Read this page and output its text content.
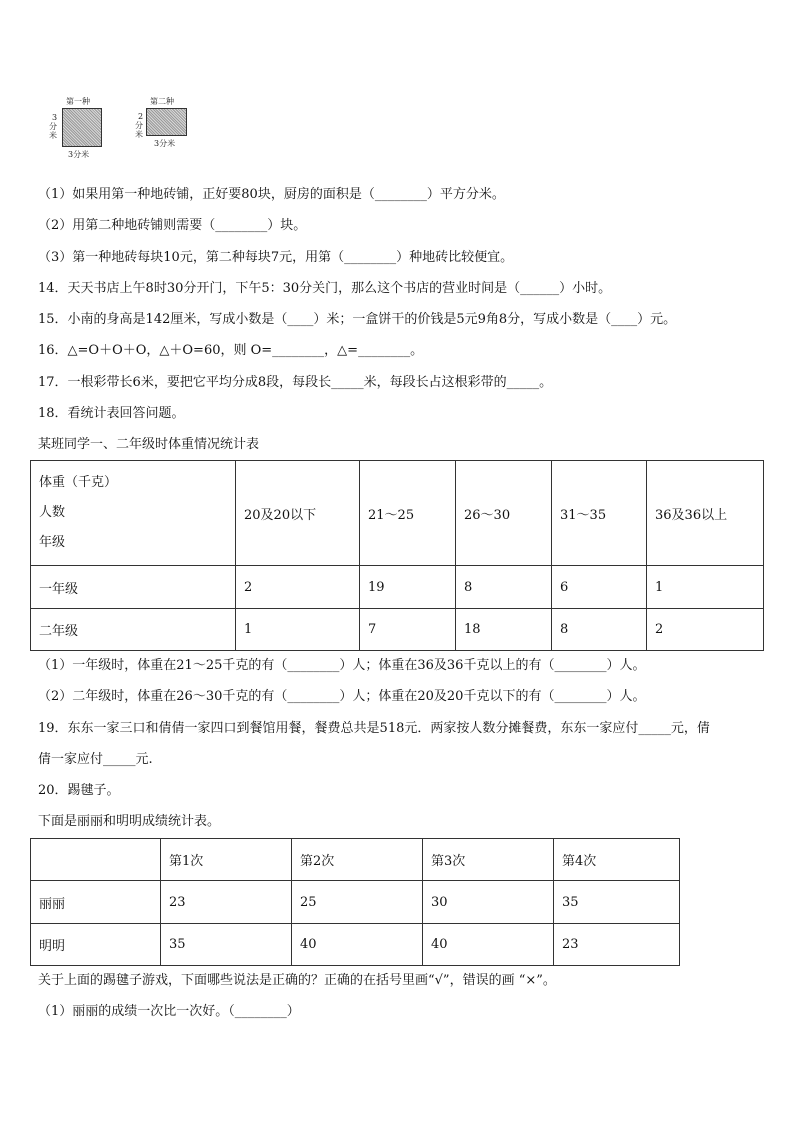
第一种
3
分米
3分米
第二种
2
分米
3分米
（1）如果用第一种地砖铺，正好要80块，厨房的面积是（________）平方分米。
（2）用第二种地砖铺则需要（________）块。
（3）第一种地砖每块10元，第二种每块7元，用第（________）种地砖比较便宜。
14．天天书店上午8时30分开门，下午5：30分关门，那么这个书店的营业时间是（______）小时。
15．小南的身高是142厘米，写成小数是（____）米；一盒饼干的价钱是5元9角8分，写成小数是（____）元。
16．△=O＋O＋O，△＋O=60，则 O=________，△=________。
17．一根彩带长6米，要把它平均分成8段，每段长_____米，每段长占这根彩带的_____。
18．看统计表回答问题。
某班同学一、二年级时体重情况统计表
体重（千克）
人数
年级	20及20以下	21～25	26～30	31～35	36及36以上
一年级	2	19	8	6	1
二年级	1	7	18	8	2
（1）一年级时，体重在21～25千克的有（________）人；体重在36及36千克以上的有（________）人。
（2）二年级时，体重在26～30千克的有（________）人；体重在20及20千克以下的有（________）人。
19．东东一家三口和倩倩一家四口到餐馆用餐，餐费总共是518元．两家按人数分摊餐费，东东一家应付_____元，倩
倩一家应付_____元.
20．踢毽子。
下面是丽丽和明明成绩统计表。
	第1次	第2次	第3次	第4次
丽丽	23	25	30	35
明明	35	40	40	23
关于上面的踢毽子游戏，下面哪些说法是正确的？正确的在括号里画“√”，错误的画 “×”。
（1）丽丽的成绩一次比一次好。（________）
